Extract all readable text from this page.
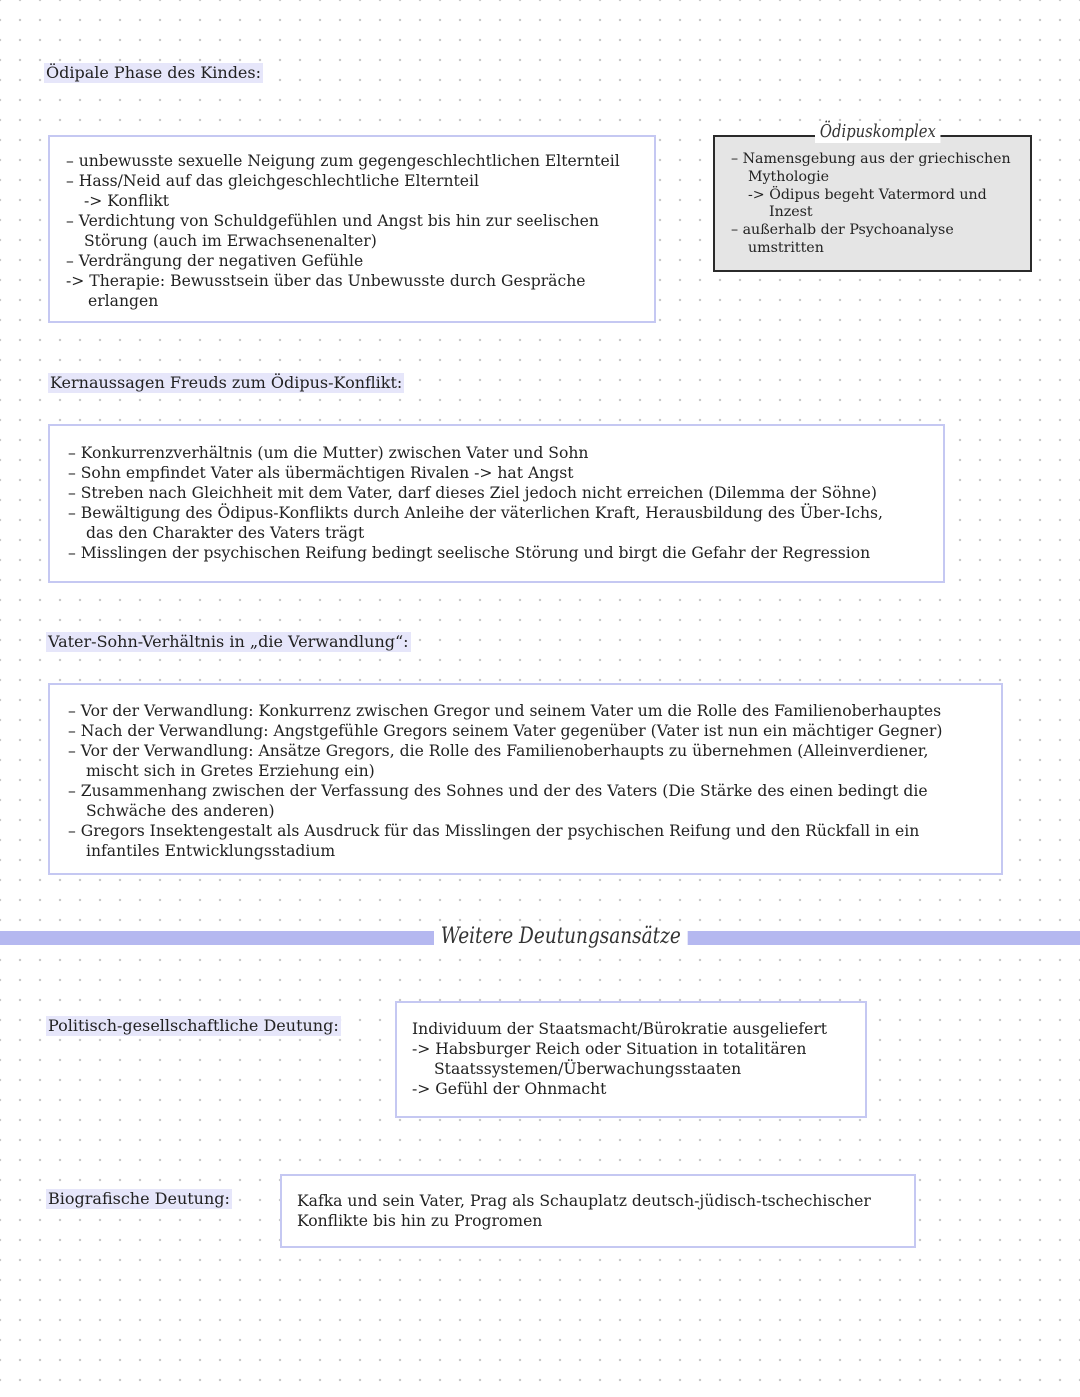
Ödipale Phase des Kindes:
– unbewusste sexuelle Neigung zum gegengeschlechtlichen Elternteil
– Hass/Neid auf das gleichgeschlechtliche Elternteil
-> Konflikt
– Verdichtung von Schuldgefühlen und Angst bis hin zur seelischen
Störung (auch im Erwachsenenalter)
– Verdrängung der negativen Gefühle
-> Therapie: Bewusstsein über das Unbewusste durch Gespräche
erlangen
Ödipuskomplex
– Namensgebung aus der griechischen
Mythologie
-> Ödipus begeht Vatermord und
Inzest
– außerhalb der Psychoanalyse
umstritten
Kernaussagen Freuds zum Ödipus-Konflikt:
– Konkurrenzverhältnis (um die Mutter) zwischen Vater und Sohn
– Sohn empfindet Vater als übermächtigen Rivalen -> hat Angst
– Streben nach Gleichheit mit dem Vater, darf dieses Ziel jedoch nicht erreichen (Dilemma der Söhne)
– Bewältigung des Ödipus-Konflikts durch Anleihe der väterlichen Kraft, Herausbildung des Über-Ichs,
das den Charakter des Vaters trägt
– Misslingen der psychischen Reifung bedingt seelische Störung und birgt die Gefahr der Regression
Vater-Sohn-Verhältnis in „die Verwandlung“:
– Vor der Verwandlung: Konkurrenz zwischen Gregor und seinem Vater um die Rolle des Familienoberhauptes
– Nach der Verwandlung: Angstgefühle Gregors seinem Vater gegenüber (Vater ist nun ein mächtiger Gegner)
– Vor der Verwandlung: Ansätze Gregors, die Rolle des Familienoberhaupts zu übernehmen (Alleinverdiener,
mischt sich in Gretes Erziehung ein)
– Zusammenhang zwischen der Verfassung des Sohnes und der des Vaters (Die Stärke des einen bedingt die
Schwäche des anderen)
– Gregors Insektengestalt als Ausdruck für das Misslingen der psychischen Reifung und den Rückfall in ein
infantiles Entwicklungsstadium
Weitere Deutungsansätze
Politisch-gesellschaftliche Deutung:	Individuum der Staatsmacht/Bürokratie ausgeliefert
-> Habsburger Reich oder Situation in totalitären
Staatssystemen/Überwachungsstaaten
-> Gefühl der Ohnmacht
Biografische Deutung:	Kafka und sein Vater, Prag als Schauplatz deutsch-jüdisch-tschechischer
Konflikte bis hin zu Progromen
